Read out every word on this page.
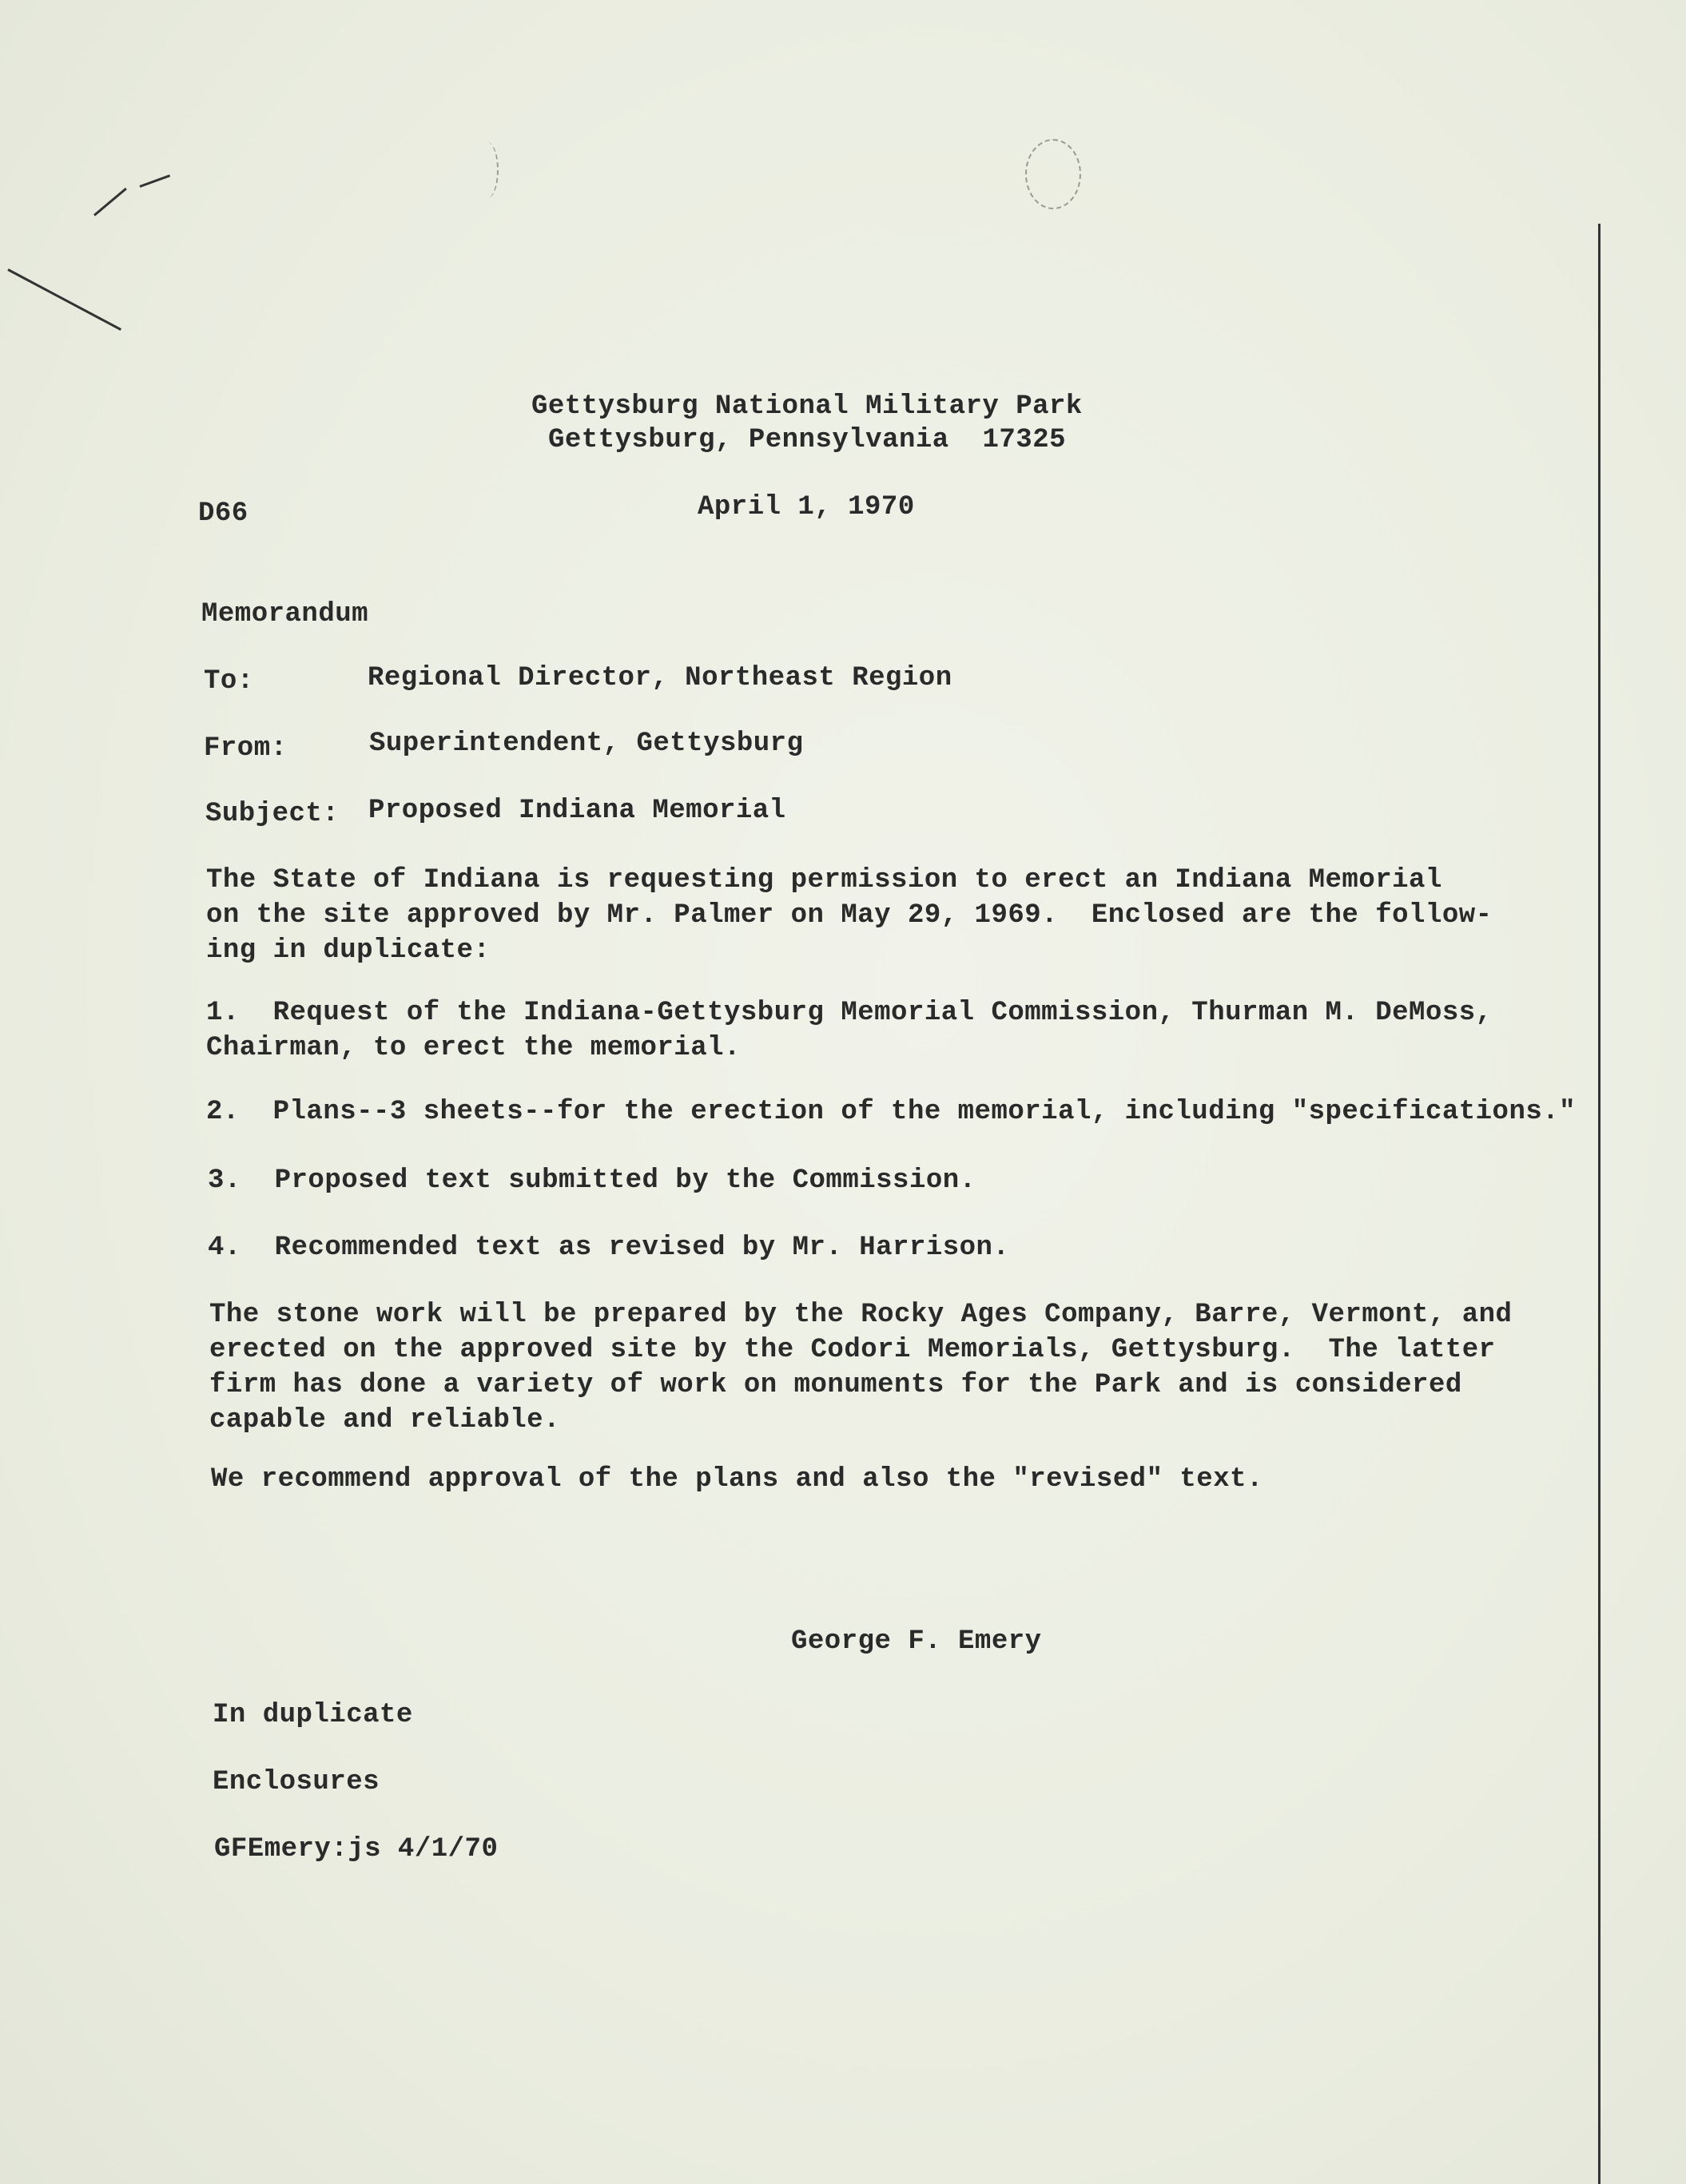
Gettysburg National Military Park
Gettysburg, Pennsylvania  17325
D66	April 1, 1970
Memorandum
To:	Regional Director, Northeast Region
From:	Superintendent, Gettysburg
Subject: Proposed Indiana Memorial
The State of Indiana is requesting permission to erect an Indiana Memorial
on the site approved by Mr. Palmer on May 29, 1969.  Enclosed are the follow-
ing in duplicate:
1.  Request of the Indiana-Gettysburg Memorial Commission, Thurman M. DeMoss,
Chairman, to erect the memorial.
2.  Plans--3 sheets--for the erection of the memorial, including "specifications."
3.  Proposed text submitted by the Commission.
4.  Recommended text as revised by Mr. Harrison.
The stone work will be prepared by the Rocky Ages Company, Barre, Vermont, and
erected on the approved site by the Codori Memorials, Gettysburg.  The latter
firm has done a variety of work on monuments for the Park and is considered
capable and reliable.
We recommend approval of the plans and also the "revised" text.
George F. Emery
In duplicate
Enclosures
GFEmery:js 4/1/70
